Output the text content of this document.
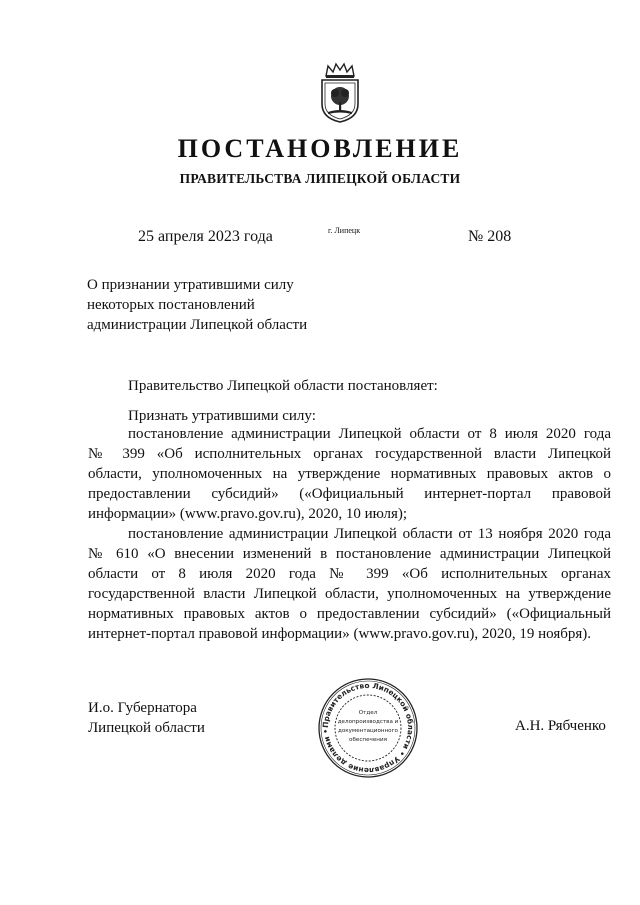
ПОСТАНОВЛЕНИЕ
ПРАВИТЕЛЬСТВА ЛИПЕЦКОЙ ОБЛАСТИ
25 апреля 2023 года	г. Липецк	№ 208
О признании утратившими силу
некоторых постановлений
администрации Липецкой области
Правительство Липецкой области постановляет:
Признать утратившими силу:
постановление администрации Липецкой области от 8 июля 2020 года
№ 399 «Об исполнительных органах государственной власти Липецкой
области, уполномоченных на утверждение нормативных правовых актов о
предоставлении субсидий» («Официальный интернет-портал правовой
информации» (www.pravo.gov.ru), 2020, 10 июля);
постановление администрации Липецкой области от 13 ноября 2020 года
№ 610 «О внесении изменений в постановление администрации Липецкой
области от 8 июля 2020 года № 399 «Об исполнительных органах
государственной власти Липецкой области, уполномоченных на утверждение
нормативных правовых актов о предоставлении субсидий» («Официальный
интернет-портал правовой информации» (www.pravo.gov.ru), 2020, 19 ноября).
И.о. Губернатора
Липецкой области	А.Н. Рябченко
Правительство Липецкой области • Управление делами •
Отдел
делопроизводства и
документационного
обеспечения
